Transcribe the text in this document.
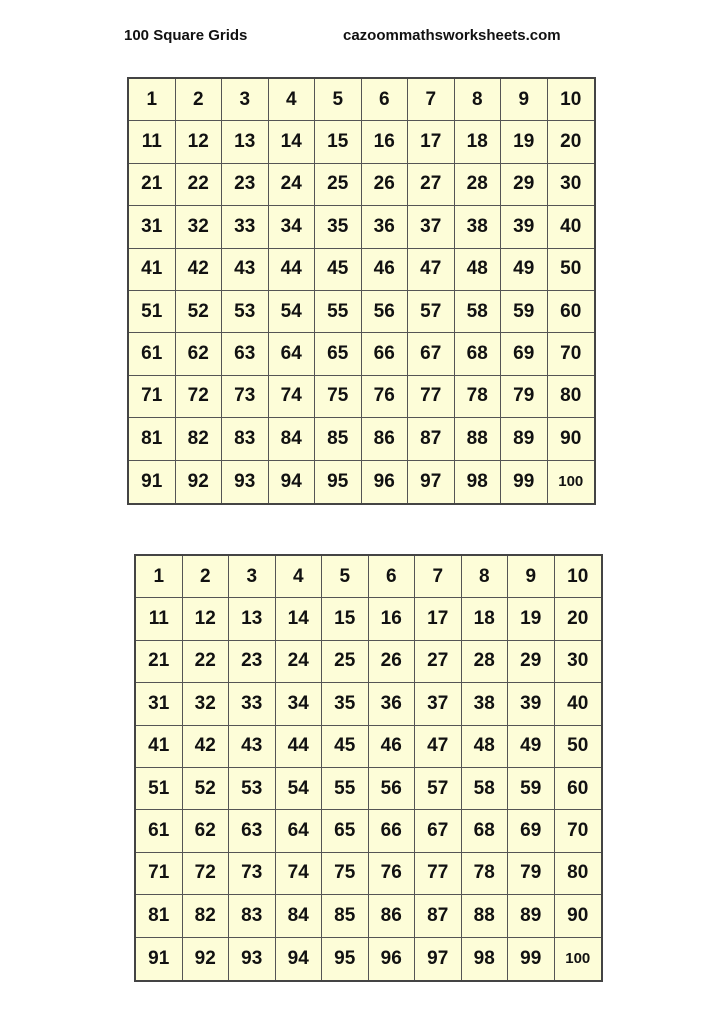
100 Square Grids	cazoommathsworksheets.com
1	2	3	4	5	6	7	8	9	10
11	12	13	14	15	16	17	18	19	20
21	22	23	24	25	26	27	28	29	30
31	32	33	34	35	36	37	38	39	40
41	42	43	44	45	46	47	48	49	50
51	52	53	54	55	56	57	58	59	60
61	62	63	64	65	66	67	68	69	70
71	72	73	74	75	76	77	78	79	80
81	82	83	84	85	86	87	88	89	90
91	92	93	94	95	96	97	98	99	100
1	2	3	4	5	6	7	8	9	10
11	12	13	14	15	16	17	18	19	20
21	22	23	24	25	26	27	28	29	30
31	32	33	34	35	36	37	38	39	40
41	42	43	44	45	46	47	48	49	50
51	52	53	54	55	56	57	58	59	60
61	62	63	64	65	66	67	68	69	70
71	72	73	74	75	76	77	78	79	80
81	82	83	84	85	86	87	88	89	90
91	92	93	94	95	96	97	98	99	100
